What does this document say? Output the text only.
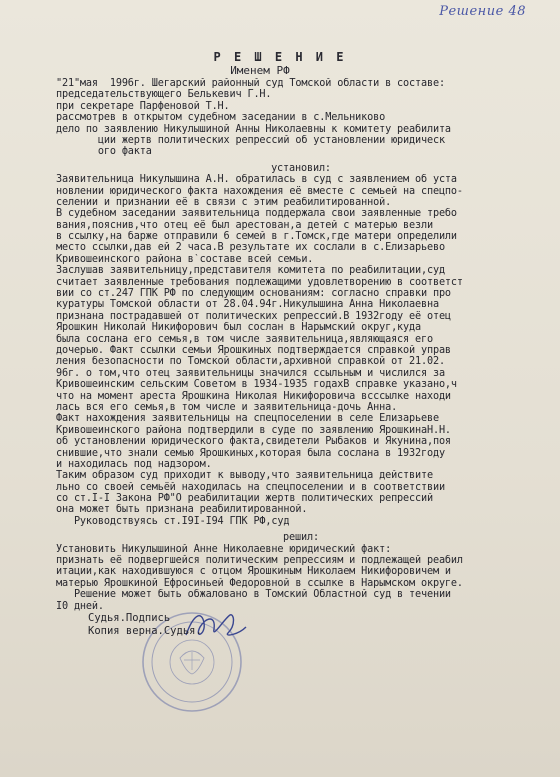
Решение 48
Р Е Ш Е Н И Е
Именем РФ
"21"мая  1996г. Шегарский районный суд Томской области в составе:
председательствующего Белькевич Г.Н.
при секретаре Парфеновой Т.Н.
рассмотрев в открытом судебном заседании в с.Мельниково
дело по заявлению Никулышиной Анны Николаевны к комитету реабилита
ции жертв политических репрессий об установлении юридическ
ого факта
установил:
Заявительница Никулышина А.Н. обратилась в суд с заявлением об уста
новлении юридического факта нахождения её вместе с семьей на спецпо-
селении и признании её в связи с этим реабилитированной.
В судебном заседании заявительница поддержала свои заявленные требо
вания,пояснив,что отец её был арестован,а детей с матерью везли
в ссылку,на барже отправили 6 семей в г.Томск,где матери определили
место ссылки,дав ей 2 часа.В результате их сослали в с.Елизарьево
Кривошеинского района в`составе всей семьи.
Заслушав заявительницу,представителя комитета по реабилитации,суд
считает заявленные требования подлежащими удовлетворению в соответст
вии со ст.247 ГПК РФ по следующим основаниям: согласно справки про
куратуры Томской области от 28.04.94г.Никулышина Анна Николаевна
признана пострадавшей от политических репрессий.В 1932году её отец
Ярошкин Николай Никифорович был сослан в Нарымский округ,куда
была сослана его семья,в том числе заявительница,являющаяся его
дочерью. Факт ссылки семьи Ярошкиных подтверждается справкой управ
ления безопасности по Томской области,архивной справкой от 21.02.
96г. о том,что отец заявительницы значился ссыльным и числился за
Кривошеинским сельским Советом в 1934-1935 годахВ справке указано,ч
что на момент ареста Ярошкина Николая Никифоровича всссылке находи
лась вся его семья,в том числе и заявительница-дочь Анна.
Факт нахождения заявительницы на спецпоселении в селе Елизарьеве
Кривошеинского района подтвердили в суде по заявлению ЯрошкинаН.Н.
об установлении юридического факта,свидетели Рыбаков и Якунина,поя
снившие,что знали семью Ярошкиных,которая была сослана в 1932году
и находилась под надзором.
Таким образом суд приходит к выводу,что заявительница действите
льно со своей семьёй находилась на спецпоселении и в соответствии
со ст.I-I Закона РФ"О реабилитации жертв политических репрессий
она может быть признана реабилитированной.
Руководствуясь ст.I9I-I94 ГПК РФ,суд
решил:
Установить Никулышиной Анне Николаевне юридический факт:
признать её подвергшейся политическим репрессиям и подлежащей реабил
итации,как находившуюся с отцом Ярошкиным Николаем Никифоровичем и
матерью Ярошкиной Ефросиньей Федоровной в ссылке в Нарымском округе.
Решение может быть обжаловано в Томский Областной суд в течении
I0 дней.
Судья.Подпись
Копия верна.Судья.
